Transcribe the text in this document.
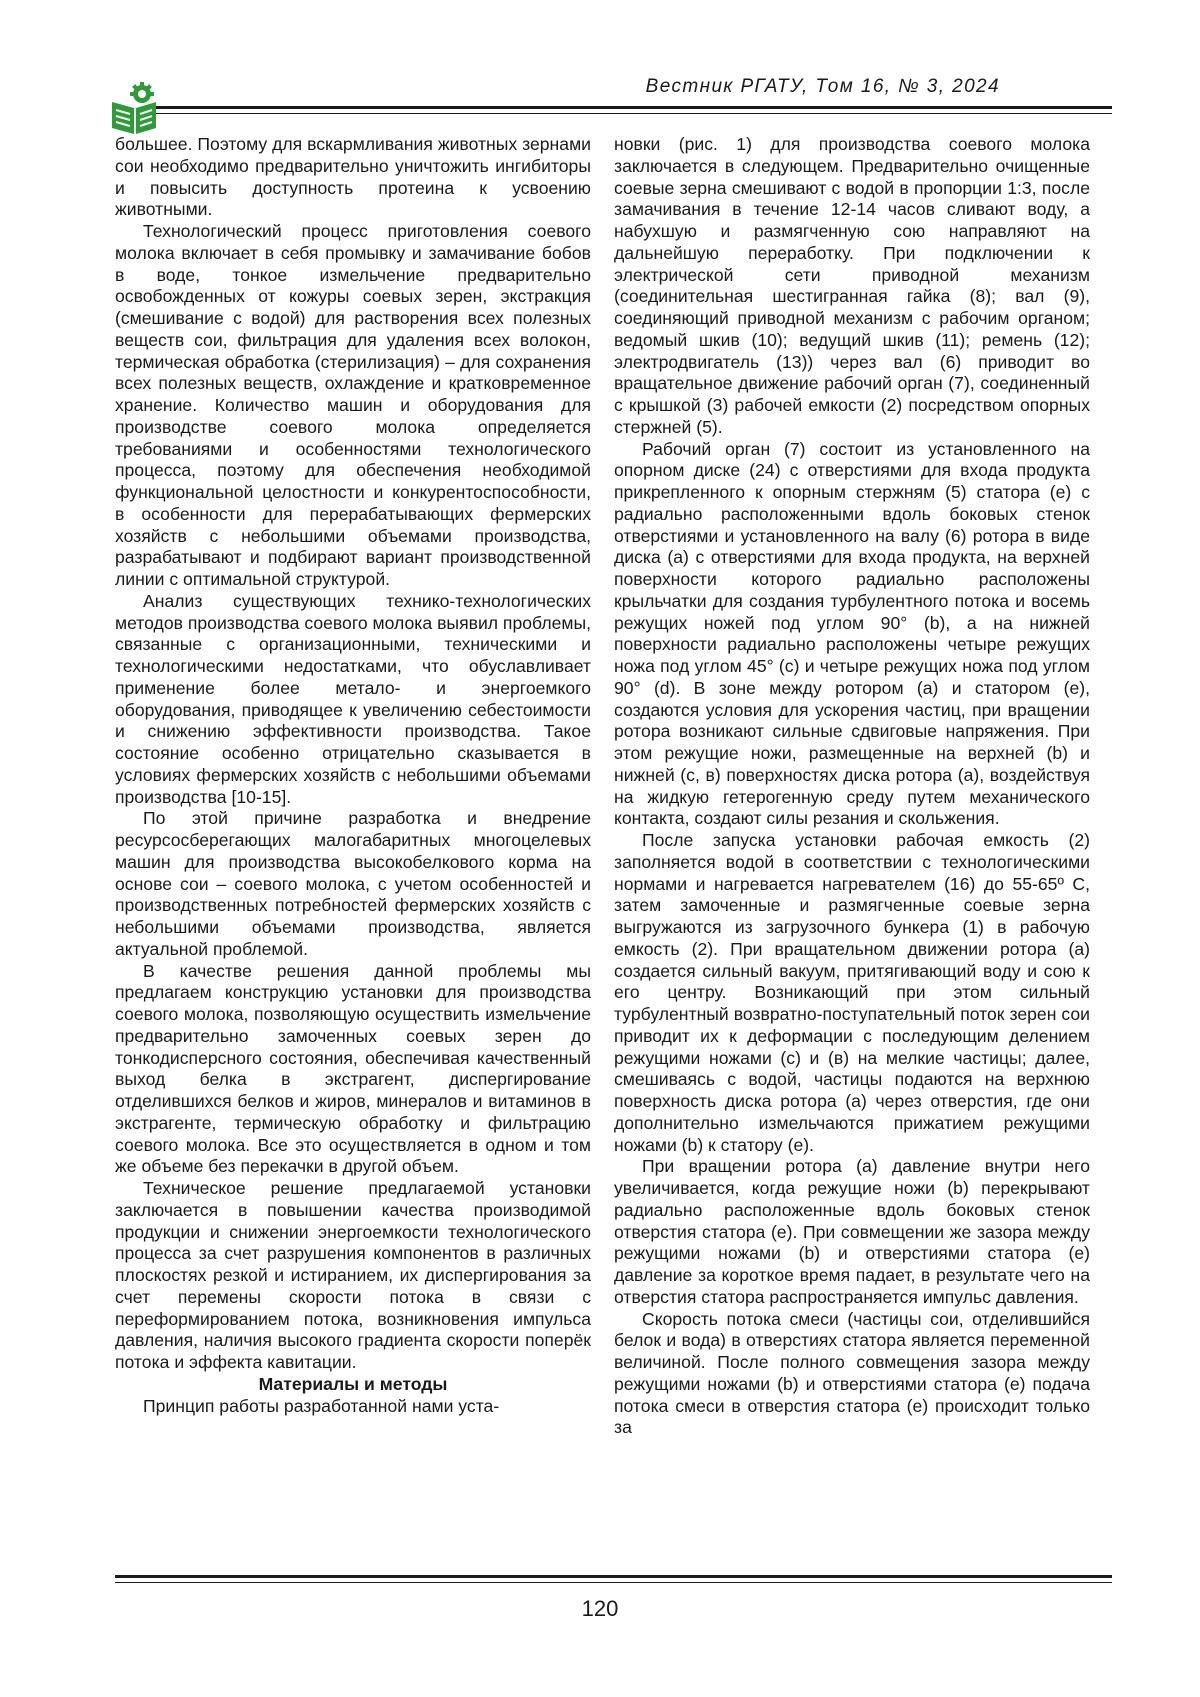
Вестник РГАТУ, Том 16, № 3, 2024

большее. Поэтому для вскармливания животных зернами сои необходимо предварительно уничтожить ингибиторы и повысить доступность протеина к усвоению животными.

Технологический процесс приготовления соевого молока включает в себя промывку и замачивание бобов в воде, тонкое измельчение предварительно освобожденных от кожуры соевых зерен, экстракция (смешивание с водой) для растворения всех полезных веществ сои, фильтрация для удаления всех волокон, термическая обработка (стерилизация) – для сохранения всех полезных веществ, охлаждение и кратковременное хранение. Количество машин и оборудования для производстве соевого молока определяется требованиями и особенностями технологического процесса, поэтому для обеспечения необходимой функциональной целостности и конкурентоспособности, в особенности для перерабатывающих фермерских хозяйств с небольшими объемами производства, разрабатывают и подбирают вариант производственной линии с оптимальной структурой.

Анализ существующих технико-технологических методов производства соевого молока выявил проблемы, связанные с организационными, техническими и технологическими недостатками, что обуславливает применение более метало- и энергоемкого оборудования, приводящее к увеличению себестоимости и снижению эффективности производства. Такое состояние особенно отрицательно сказывается в условиях фермерских хозяйств с небольшими объемами производства [10-15].

По этой причине разработка и внедрение ресурсосберегающих малогабаритных многоцелевых машин для производства высокобелкового корма на основе сои – соевого молока, с учетом особенностей и производственных потребностей фермерских хозяйств с небольшими объемами производства, является актуальной проблемой.

В качестве решения данной проблемы мы предлагаем конструкцию установки для производства соевого молока, позволяющую осуществить измельчение предварительно замоченных соевых зерен до тонкодисперсного состояния, обеспечивая качественный выход белка в экстрагент, диспергирование отделившихся белков и жиров, минералов и витаминов в экстрагенте, термическую обработку и фильтрацию соевого молока. Все это осуществляется в одном и том же объеме без перекачки в другой объем.

Техническое решение предлагаемой установки заключается в повышении качества производимой продукции и снижении энергоемкости технологического процесса за счет разрушения компонентов в различных плоскостях резкой и истиранием, их диспергирования за счет перемены скорости потока в связи с переформированием потока, возникновения импульса давления, наличия высокого градиента скорости поперёк потока и эффекта кавитации.

Материалы и методы

Принцип работы разработанной нами уста-

новки (рис. 1) для производства соевого молока заключается в следующем. Предварительно очищенные соевые зерна смешивают с водой в пропорции 1:3, после замачивания в течение 12-14 часов сливают воду, а набухшую и размягченную сою направляют на дальнейшую переработку. При подключении к электрической сети приводной механизм (соединительная шестигранная гайка (8); вал (9), соединяющий приводной механизм с рабочим органом; ведомый шкив (10); ведущий шкив (11); ремень (12); электродвигатель (13)) через вал (6) приводит во вращательное движение рабочий орган (7), соединенный с крышкой (3) рабочей емкости (2) посредством опорных стержней (5).

Рабочий орган (7) состоит из установленного на опорном диске (24) с отверстиями для входа продукта прикрепленного к опорным стержням (5) статора (е) с радиально расположенными вдоль боковых стенок отверстиями и установленного на валу (6) ротора в виде диска (а) с отверстиями для входа продукта, на верхней поверхности которого радиально расположены крыльчатки для создания турбулентного потока и восемь режущих ножей под углом 90° (b), а на нижней поверхности радиально расположены четыре режущих ножа под углом 45° (c) и четыре режущих ножа под углом 90° (d). В зоне между ротором (а) и статором (е), создаются условия для ускорения частиц, при вращении ротора возникают сильные сдвиговые напряжения. При этом режущие ножи, размещенные на верхней (b) и нижней (c, в) поверхностях диска ротора (а), воздействуя на жидкую гетерогенную среду путем механического контакта, создают силы резания и скольжения.

После запуска установки рабочая емкость (2) заполняется водой в соответствии с технологическими нормами и нагревается нагревателем (16) до 55-65º С, затем замоченные и размягченные соевые зерна выгружаются из загрузочного бункера (1) в рабочую емкость (2). При вращательном движении ротора (а) создается сильный вакуум, притягивающий воду и сою к его центру. Возникающий при этом сильный турбулентный возвратно-поступательный поток зерен сои приводит их к деформации с последующим делением режущими ножами (с) и (в) на мелкие частицы; далее, смешиваясь с водой, частицы подаются на верхнюю поверхность диска ротора (а) через отверстия, где они дополнительно измельчаются прижатием режущими ножами (b) к статору (е).

При вращении ротора (а) давление внутри него увеличивается, когда режущие ножи (b) перекрывают радиально расположенные вдоль боковых стенок отверстия статора (е). При совмещении же зазора между режущими ножами (b) и отверстиями статора (е) давление за короткое время падает, в результате чего на отверстия статора распространяется импульс давления.

Скорость потока смеси (частицы сои, отделившийся белок и вода) в отверстиях статора является переменной величиной. После полного совмещения зазора между режущими ножами (b) и отверстиями статора (е) подача потока смеси в отверстия статора (е) происходит только за

120
